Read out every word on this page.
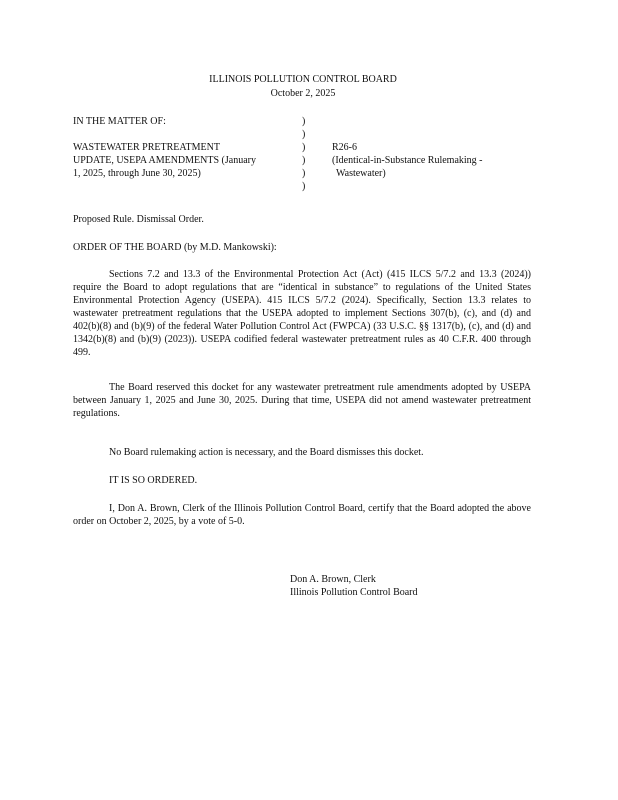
ILLINOIS POLLUTION CONTROL BOARD
October 2, 2025
IN THE MATTER OF:
WASTEWATER PRETREATMENT
UPDATE, USEPA AMENDMENTS (January
1, 2025, through June 30, 2025)
)
)
)
)
)
)
R26-6
(Identical-in-Substance Rulemaking -
Wastewater)
Proposed Rule. Dismissal Order.
ORDER OF THE BOARD (by M.D. Mankowski):
Sections 7.2 and 13.3 of the Environmental Protection Act (Act) (415 ILCS 5/7.2 and 13.3 (2024)) require the Board to adopt regulations that are “identical in substance” to regulations of the United States Environmental Protection Agency (USEPA). 415 ILCS 5/7.2 (2024). Specifically, Section 13.3 relates to wastewater pretreatment regulations that the USEPA adopted to implement Sections 307(b), (c), and (d) and 402(b)(8) and (b)(9) of the federal Water Pollution Control Act (FWPCA) (33 U.S.C. §§ 1317(b), (c), and (d) and 1342(b)(8) and (b)(9) (2023)). USEPA codified federal wastewater pretreatment rules as 40 C.F.R. 400 through 499.
The Board reserved this docket for any wastewater pretreatment rule amendments adopted by USEPA between January 1, 2025 and June 30, 2025. During that time, USEPA did not amend wastewater pretreatment regulations.
No Board rulemaking action is necessary, and the Board dismisses this docket.
IT IS SO ORDERED.
I, Don A. Brown, Clerk of the Illinois Pollution Control Board, certify that the Board adopted the above order on October 2, 2025, by a vote of 5-0.
Don A. Brown, Clerk
Illinois Pollution Control Board
